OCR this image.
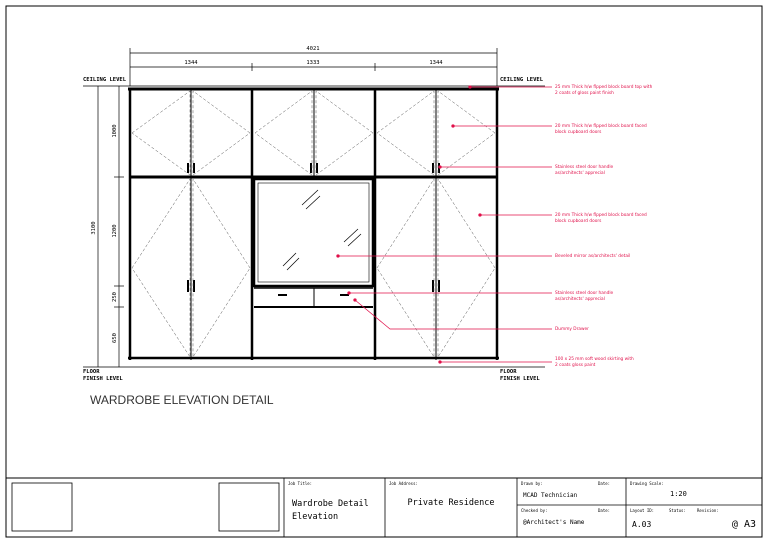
4021
1344	1333	1344
3100
1000
1200
250
650
CEILING LEVEL	CEILING LEVEL
FLOOR
FINISH LEVEL
FLOOR
FINISH LEVEL
25 mm Thick h/w flpped block board top with
2 coats of gloss paint finish
20 mm Thick h/w flpped block board faced
block cupboard doors
Stainless steel door handle
as/architects' apprecial
20 mm Thick h/w flpped block board faced
block cupboard doors
Beveled mirror as/architects' detail
Stainless steel door handle
as/architects' apprecial
Dummy Drawer
100 x 25 mm soft wood skirting with
2 coats gloss paint
WARDROBE ELEVATION DETAIL
Job Title:
Wardrobe Detail
Elevation
Job Address:
Private Residence
Drawn by:	Date:
MCAD Technician
Checked by:	Date:
@Architect's Name
Drawing Scale:
1:20
Layout ID:	Status:	Revision:
A.03	@ A3
